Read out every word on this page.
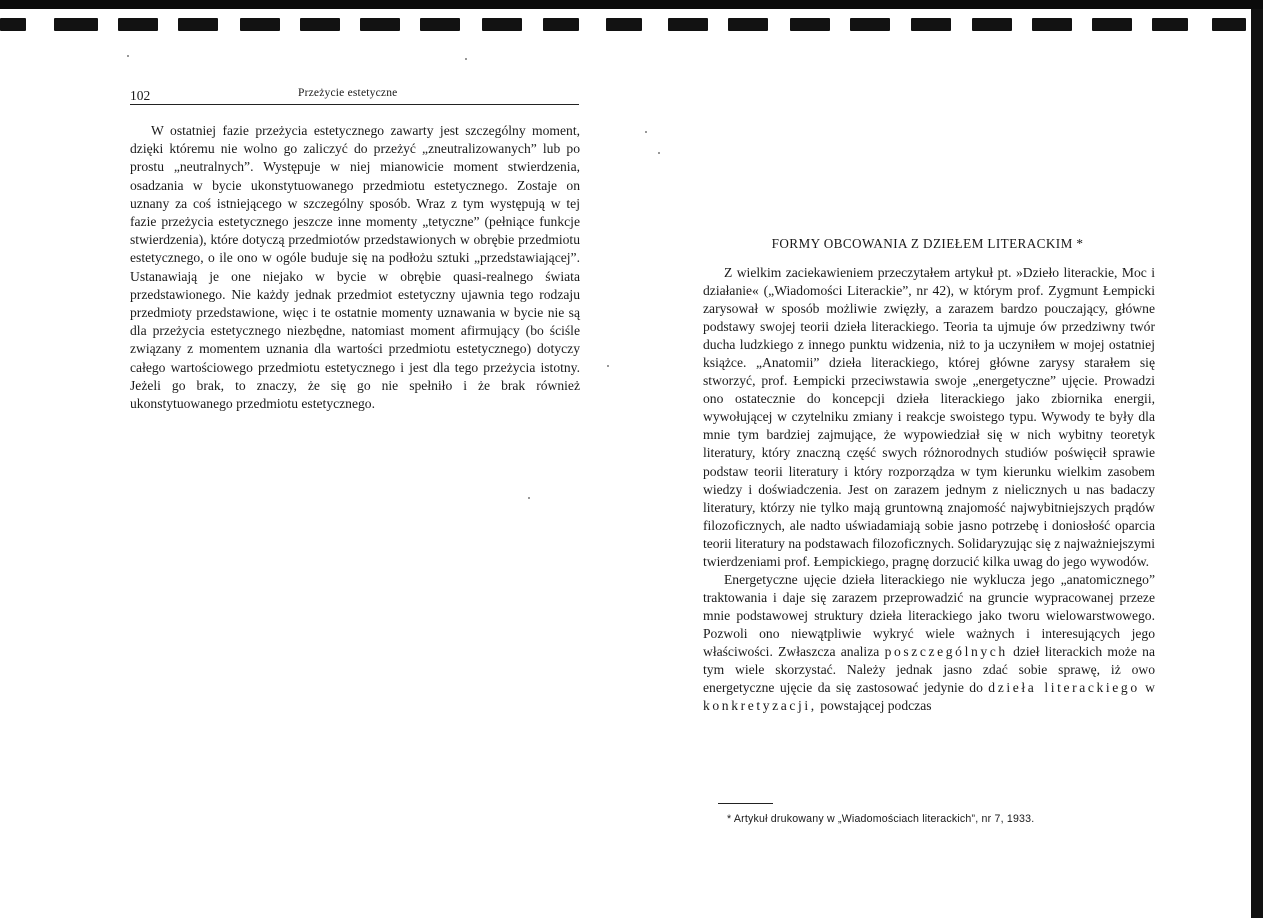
102	Przeżycie estetyczne

W ostatniej fazie przeżycia estetycznego zawarty jest szczególny moment, dzięki któremu nie wolno go zaliczyć do przeżyć „zneutralizowanych” lub po prostu „neutralnych”. Występuje w niej mianowicie moment stwierdzenia, osadzania w bycie ukonstytuowanego przedmiotu estetycznego. Zostaje on uznany za coś istniejącego w szczególny sposób. Wraz z tym występują w tej fazie przeżycia estetycznego jeszcze inne momenty „tetyczne” (pełniące funkcje stwierdzenia), które dotyczą przedmiotów przedstawionych w obrębie przedmiotu estetycznego, o ile ono w ogóle buduje się na podłożu sztuki „przedstawiającej”. Ustanawiają je one niejako w bycie w obrębie quasi-realnego świata przedstawionego. Nie każdy jednak przedmiot estetyczny ujawnia tego rodzaju przedmioty przedstawione, więc i te ostatnie momenty uznawania w bycie nie są dla przeżycia estetycznego niezbędne, natomiast moment afirmujący (bo ściśle związany z momentem uznania dla wartości przedmiotu estetycznego) dotyczy całego wartościowego przedmiotu estetycznego i jest dla tego przeżycia istotny. Jeżeli go brak, to znaczy, że się go nie spełniło i że brak również ukonstytuowanego przedmiotu estetycznego.

FORMY OBCOWANIA Z DZIEŁEM LITERACKIM *

Z wielkim zaciekawieniem przeczytałem artykuł pt. »Dzieło literackie, Moc i działanie« („Wiadomości Literackie”, nr 42), w którym prof. Zygmunt Łempicki zarysował w sposób możliwie zwięzły, a zarazem bardzo pouczający, główne podstawy swojej teorii dzieła literackiego. Teoria ta ujmuje ów przedziwny twór ducha ludzkiego z innego punktu widzenia, niż to ja uczyniłem w mojej ostatniej książce. „Anatomii” dzieła literackiego, której główne zarysy starałem się stworzyć, prof. Łempicki przeciwstawia swoje „energetyczne” ujęcie. Prowadzi ono ostatecznie do koncepcji dzieła literackiego jako zbiornika energii, wywołującej w czytelniku zmiany i reakcje swoistego typu. Wywody te były dla mnie tym bardziej zajmujące, że wypowiedział się w nich wybitny teoretyk literatury, który znaczną część swych różnorodnych studiów poświęcił sprawie podstaw teorii literatury i który rozporządza w tym kierunku wielkim zasobem wiedzy i doświadczenia. Jest on zarazem jednym z nielicznych u nas badaczy literatury, którzy nie tylko mają gruntowną znajomość najwybitniejszych prądów filozoficznych, ale nadto uświadamiają sobie jasno potrzebę i doniosłość oparcia teorii literatury na podstawach filozoficznych. Solidaryzując się z najważniejszymi twierdzeniami prof. Łempickiego, pragnę dorzucić kilka uwag do jego wywodów.

Energetyczne ujęcie dzieła literackiego nie wyklucza jego „anatomicznego” traktowania i daje się zarazem przeprowadzić na gruncie wypracowanej przeze mnie podstawowej struktury dzieła literackiego jako tworu wielowarstwowego. Pozwoli ono niewątpliwie wykryć wiele ważnych i interesujących jego właściwości. Zwłaszcza analiza poszczególnych dzieł literackich może na tym wiele skorzystać. Należy jednak jasno zdać sobie sprawę, iż owo energetyczne ujęcie da się zastosować jedynie do dzieła literackiego w konkretyzacji, powstającej podczas

* Artykuł drukowany w „Wiadomościach literackich”, nr 7, 1933.
